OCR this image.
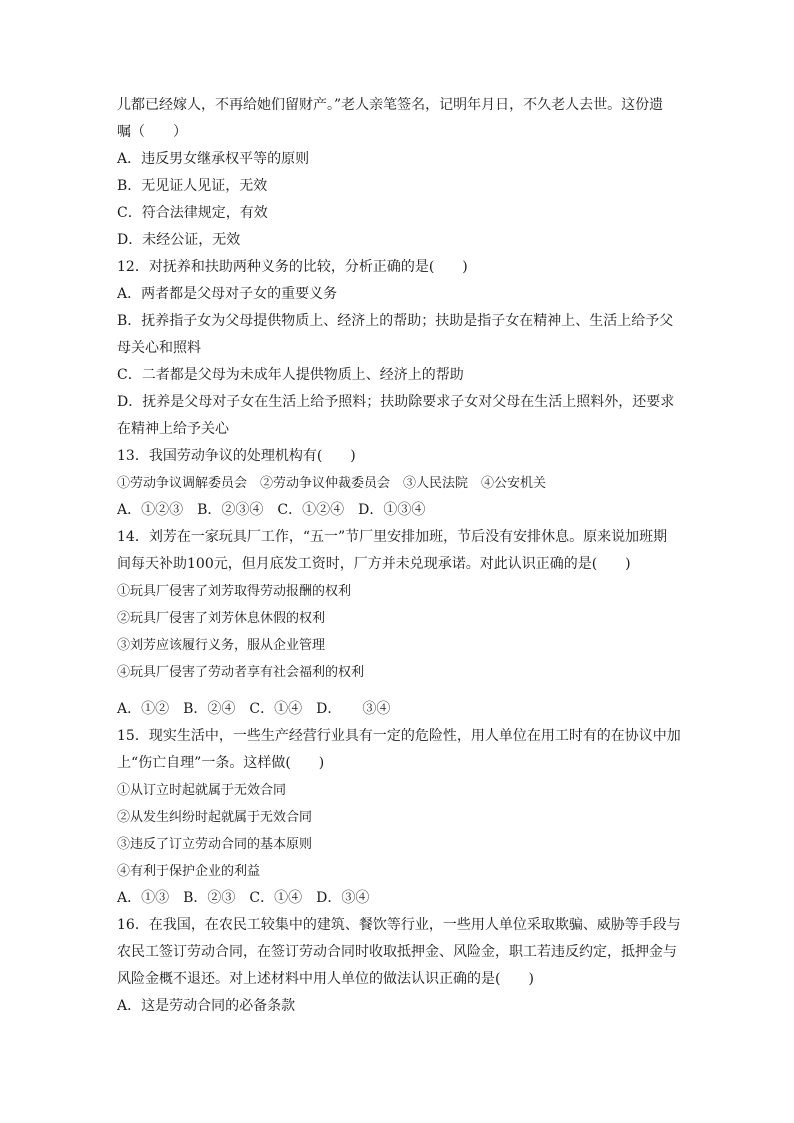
儿都已经嫁人，不再给她们留财产。”老人亲笔签名，记明年月日，不久老人去世。这份遗
嘱（　　）
A．违反男女继承权平等的原则
B．无见证人见证，无效
C．符合法律规定，有效
D．未经公证，无效
12．对抚养和扶助两种义务的比较，分析正确的是(　　)
A．两者都是父母对子女的重要义务
B．抚养指子女为父母提供物质上、经济上的帮助；扶助是指子女在精神上、生活上给予父
母关心和照料
C．二者都是父母为未成年人提供物质上、经济上的帮助
D．抚养是父母对子女在生活上给予照料；扶助除要求子女对父母在生活上照料外，还要求
在精神上给予关心
13．我国劳动争议的处理机构有(　　)
①劳动争议调解委员会　②劳动争议仲裁委员会　③人民法院　④公安机关
A．①②③　B．②③④　C．①②④　D．①③④
14．刘芳在一家玩具厂工作，“五一”节厂里安排加班，节后没有安排休息。原来说加班期
间每天补助100元，但月底发工资时，厂方并未兑现承诺。对此认识正确的是(　　)
①玩具厂侵害了刘芳取得劳动报酬的权利
②玩具厂侵害了刘芳休息休假的权利
③刘芳应该履行义务，服从企业管理
④玩具厂侵害了劳动者享有社会福利的权利
A．①②　B．②④　C．①④　D．　　③④
15．现实生活中，一些生产经营行业具有一定的危险性，用人单位在用工时有的在协议中加
上“伤亡自理”一条。这样做(　　)
①从订立时起就属于无效合同
②从发生纠纷时起就属于无效合同
③违反了订立劳动合同的基本原则
④有利于保护企业的利益
A．①③　B．②③　C．①④　D．③④
16．在我国，在农民工较集中的建筑、餐饮等行业，一些用人单位采取欺骗、威胁等手段与
农民工签订劳动合同，在签订劳动合同时收取抵押金、风险金，职工若违反约定，抵押金与
风险金概不退还。对上述材料中用人单位的做法认识正确的是(　　)
A．这是劳动合同的必备条款
